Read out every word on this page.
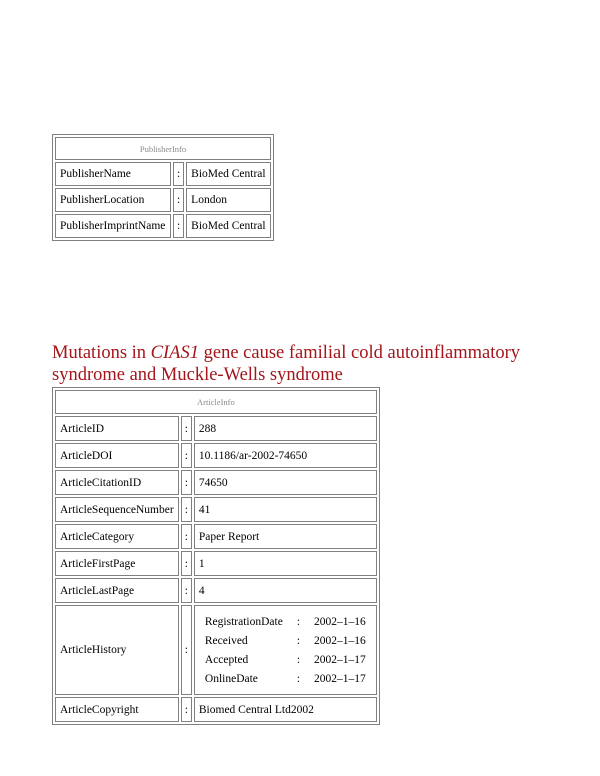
PublisherInfo		
PublisherName	:	BioMed Central
PublisherLocation	:	London
PublisherImprintName	:	BioMed Central
Mutations in CIAS1 gene cause familial cold autoinflammatory syndrome and Muckle-Wells syndrome
ArticleInfo
ArticleID	:	288
ArticleDOI	:	10.1186/ar-2002-74650
ArticleCitationID	:	74650
ArticleSequenceNumber	:	41
ArticleCategory	:	Paper Report
ArticleFirstPage	:	1
ArticleLastPage	:	4
ArticleHistory	:	
RegistrationDate	:	2002–1–16
Received	:	2002–1–16
Accepted	:	2002–1–17
OnlineDate	:	2002–1–17

ArticleCopyright	:	Biomed Central Ltd2002
